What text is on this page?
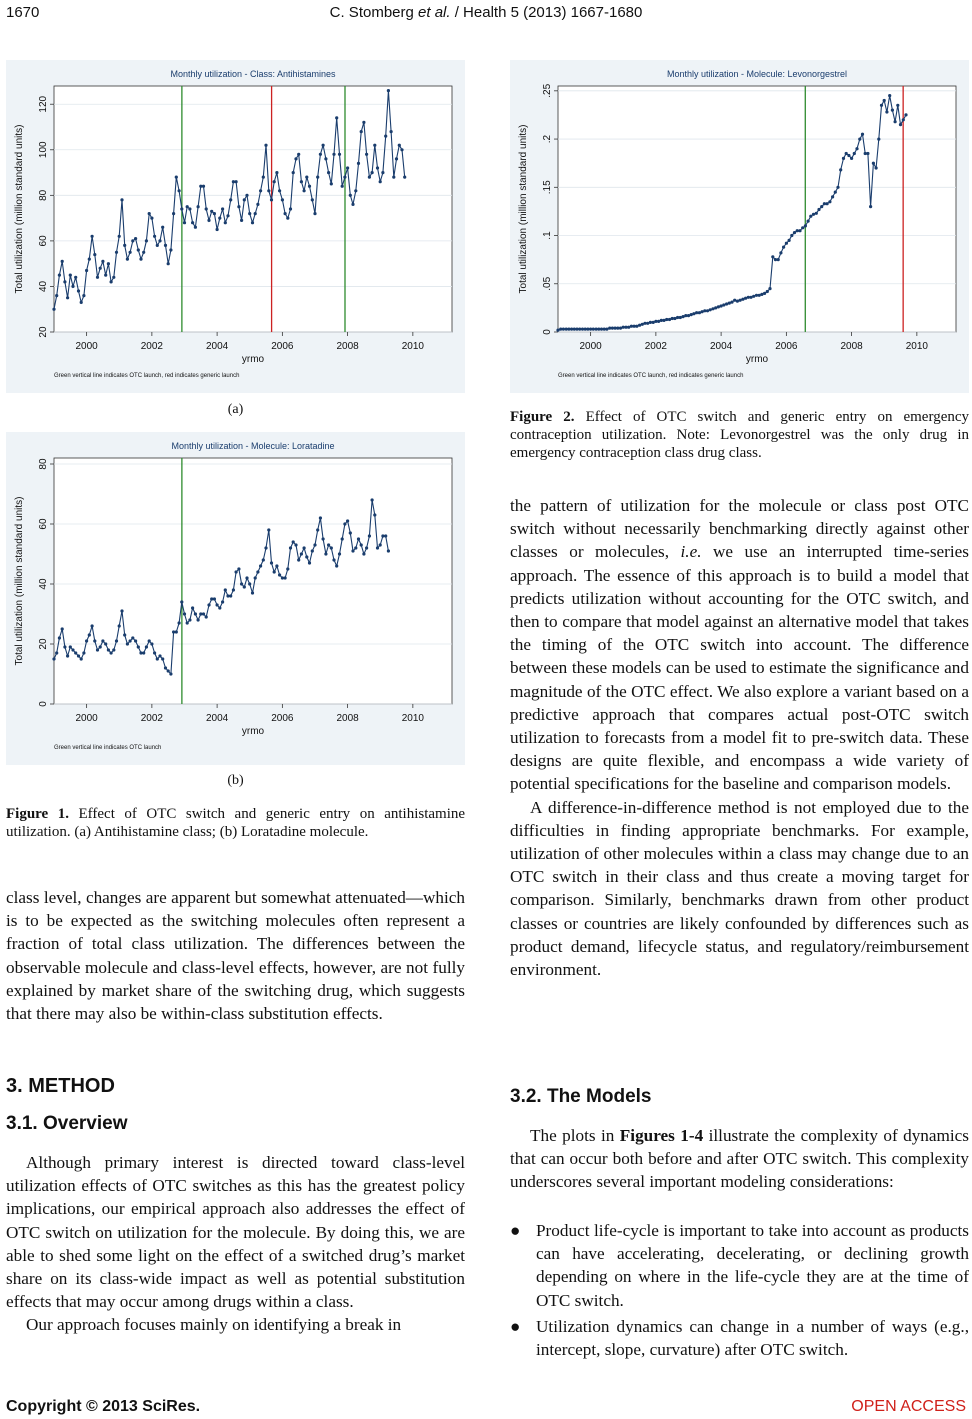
1670	C. Stomberg et al. / Health 5 (2013) 1667-1680
Monthly utilization - Class: Antihistamines
20
40
60
80
100
120
2000	2002	2004	2006	2008	2010
yrmo
Total utilization (million standard units)
Green vertical line indicates OTC launch, red indicates generic launch
(a)
Monthly utilization - Molecule: Loratadine
0
20
40
60
80
2000	2002	2004	2006	2008	2010
yrmo
Total utilization (million standard units)
Green vertical line indicates OTC launch
(b)
Figure 1. Effect of OTC switch and generic entry on antihistamine utilization. (a) Antihistamine class; (b) Loratadine molecule.
Monthly utilization - Molecule: Levonorgestrel
0
.05
.1
.15
.2
.25
2000	2002	2004	2006	2008	2010
yrmo
Total utilization (million standard units)
Green vertical line indicates OTC launch, red indicates generic launch
Figure 2. Effect of OTC switch and generic entry on emergency contraception utilization. Note: Levonorgestrel was the only drug in emergency contraception class drug class.

class level, changes are apparent but somewhat attenuated—which is to be expected as the switching molecules often represent a fraction of total class utilization. The differences between the observable molecule and class-level effects, however, are not fully explained by market share of the switching drug, which suggests that there may also be within-class substitution effects.

3. METHOD
3.1. Overview

Although primary interest is directed toward class-level utilization effects of OTC switches as this has the greatest policy implications, our empirical approach also addresses the effect of OTC switch on utilization for the molecule. By doing this, we are able to shed some light on the effect of a switched drug’s market share on its class-wide impact as well as potential substitution effects that may occur among drugs within a class.

Our approach focuses mainly on identifying a break in

the pattern of utilization for the molecule or class post OTC switch without necessarily benchmarking directly against other classes or molecules, i.e. we use an interrupted time-series approach. The essence of this approach is to build a model that predicts utilization without accounting for the OTC switch, and then to compare that model against an alternative model that takes the timing of the OTC switch into account. The difference between these models can be used to estimate the significance and magnitude of the OTC effect. We also explore a variant based on a predictive approach that compares actual post-OTC switch utilization to forecasts from a model fit to pre-switch data. These designs are quite flexible, and encompass a wide variety of potential specifications for the baseline and comparison models.

A difference-in-difference method is not employed due to the difficulties in finding appropriate benchmarks. For example, utilization of other molecules within a class may change due to an OTC switch in their class and thus create a moving target for comparison. Similarly, benchmarks drawn from other product classes or countries are likely confounded by differences such as product demand, lifecycle status, and regulatory/reimbursement environment.

3.2. The Models

The plots in Figures 1-4 illustrate the complexity of dynamics that can occur both before and after OTC switch. This complexity underscores several important modeling considerations:

● Product life-cycle is important to take into account as products can have accelerating, decelerating, or declining growth depending on where in the life-cycle they are at the time of OTC switch.
● Utilization dynamics can change in a number of ways (e.g., intercept, slope, curvature) after OTC switch.
Copyright © 2013 SciRes.	OPEN ACCESS
